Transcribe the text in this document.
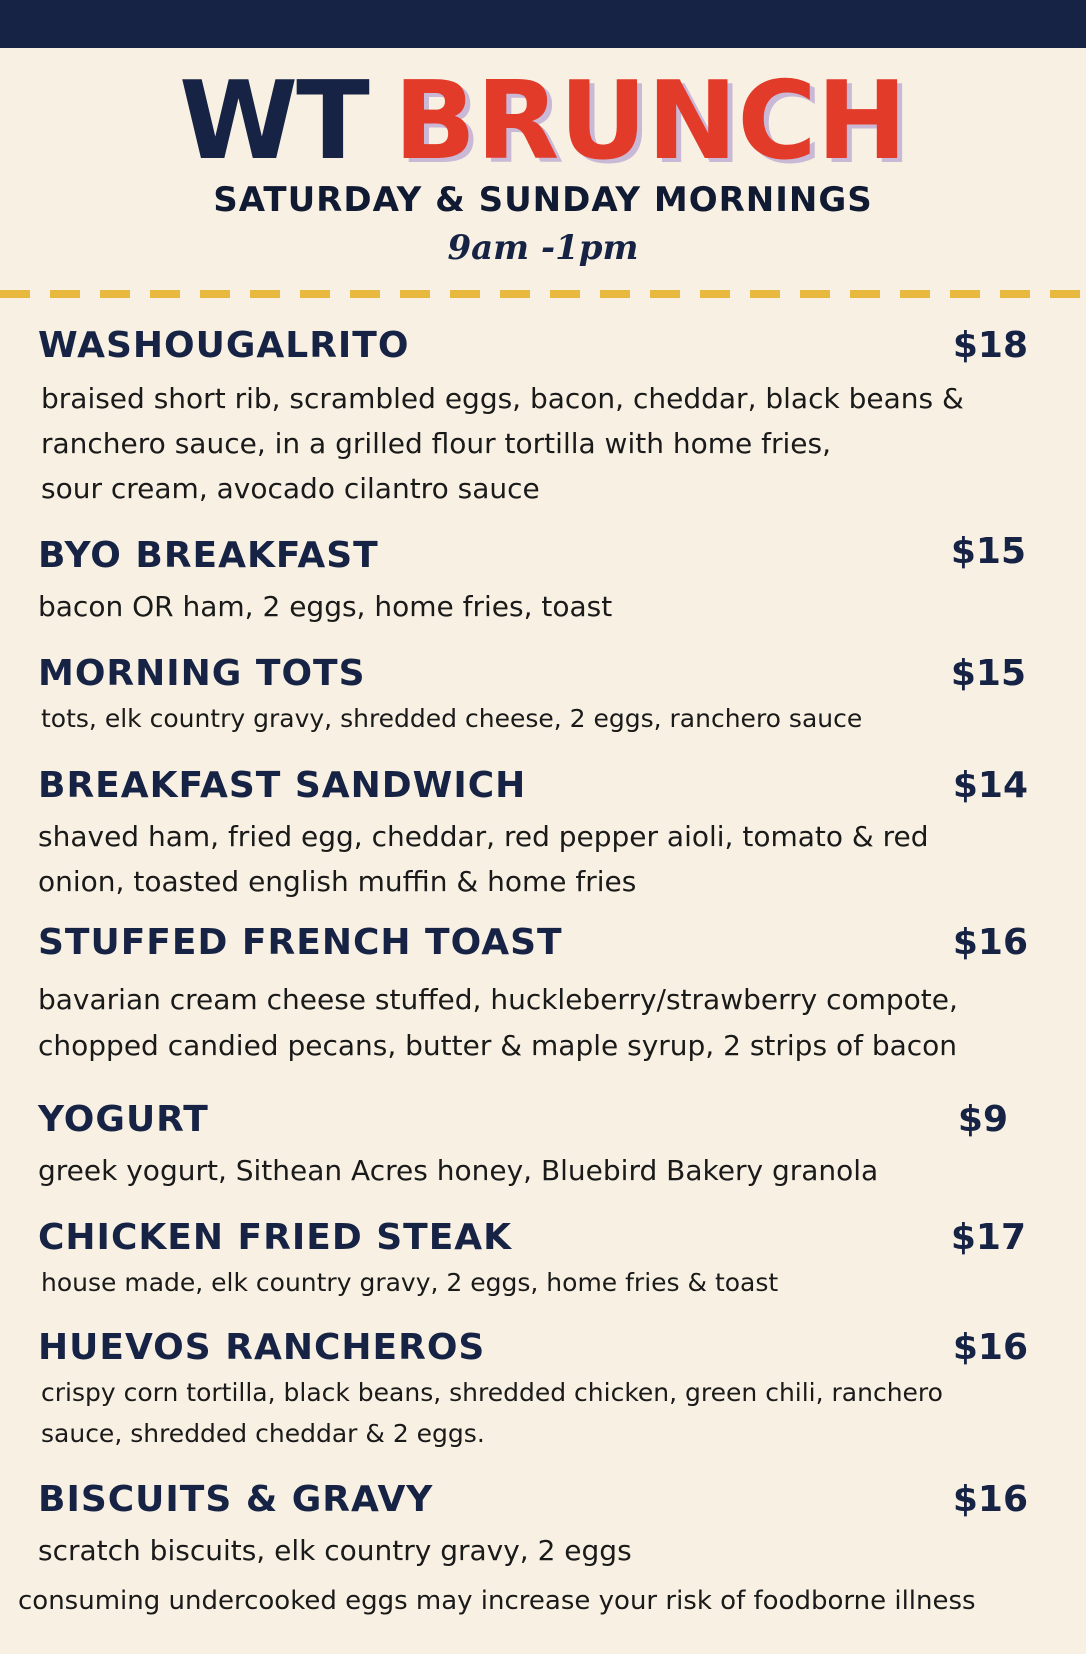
WT BRUNCH
SATURDAY & SUNDAY MORNINGS
9am -1pm
WASHOUGALRITO	$18
braised short rib, scrambled eggs, bacon, cheddar, black beans &
ranchero sauce, in a grilled flour tortilla with home fries,
sour cream, avocado cilantro sauce
BYO BREAKFAST	$15
bacon OR ham, 2 eggs, home fries, toast
MORNING TOTS	$15
tots, elk country gravy, shredded cheese, 2 eggs, ranchero sauce
BREAKFAST SANDWICH	$14
shaved ham, fried egg, cheddar, red pepper aioli, tomato & red
onion, toasted english muffin & home fries
STUFFED FRENCH TOAST	$16
bavarian cream cheese stuffed, huckleberry/strawberry compote,
chopped candied pecans, butter & maple syrup, 2 strips of bacon
YOGURT	$9
greek yogurt, Sithean Acres honey, Bluebird Bakery granola
CHICKEN FRIED STEAK	$17
house made, elk country gravy, 2 eggs, home fries & toast
HUEVOS RANCHEROS	$16
crispy corn tortilla, black beans, shredded chicken, green chili, ranchero
sauce, shredded cheddar & 2 eggs.
BISCUITS & GRAVY	$16
scratch biscuits, elk country gravy, 2 eggs
consuming undercooked eggs may increase your risk of foodborne illness
